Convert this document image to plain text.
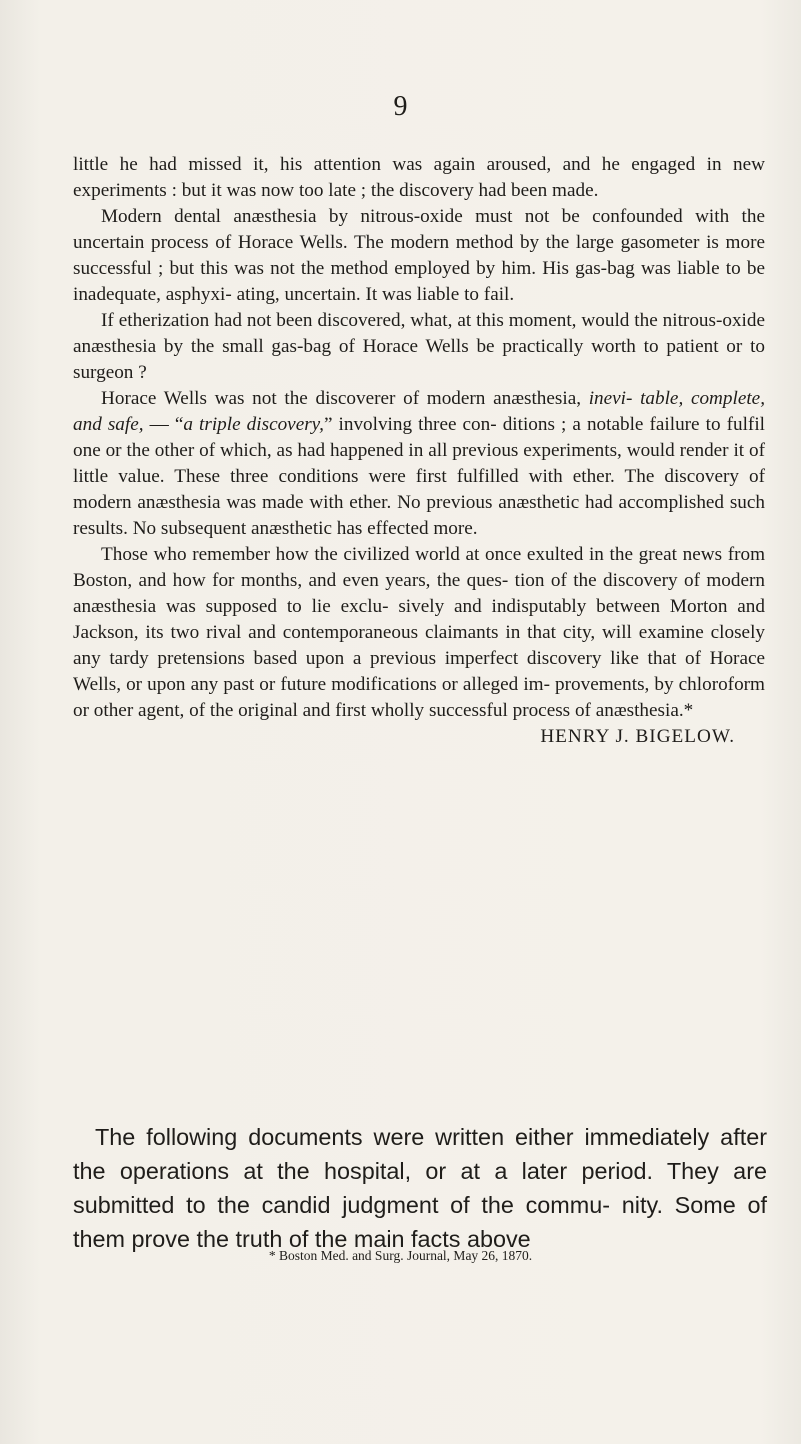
9

little he had missed it, his attention was again aroused, and he engaged in new experiments : but it was now too late ; the discovery had been made.

Modern dental anæsthesia by nitrous-oxide must not be confounded with the uncertain process of Horace Wells. The modern method by the large gasometer is more successful ; but this was not the method employed by him. His gas-bag was liable to be inadequate, asphyxi- ating, uncertain. It was liable to fail.

If etherization had not been discovered, what, at this moment, would the nitrous-oxide anæsthesia by the small gas-bag of Horace Wells be practically worth to patient or to surgeon ?

Horace Wells was not the discoverer of modern anæsthesia, inevi- table, complete, and safe, — “a triple discovery,” involving three con- ditions ; a notable failure to fulfil one or the other of which, as had happened in all previous experiments, would render it of little value. These three conditions were first fulfilled with ether. The discovery of modern anæsthesia was made with ether. No previous anæsthetic had accomplished such results. No subsequent anæsthetic has effected more.

Those who remember how the civilized world at once exulted in the great news from Boston, and how for months, and even years, the ques- tion of the discovery of modern anæsthesia was supposed to lie exclu- sively and indisputably between Morton and Jackson, its two rival and contemporaneous claimants in that city, will examine closely any tardy pretensions based upon a previous imperfect discovery like that of Horace Wells, or upon any past or future modifications or alleged im- provements, by chloroform or other agent, of the original and first wholly successful process of anæsthesia.*

HENRY J. BIGELOW.

The following documents were written either immediately after the operations at the hospital, or at a later period. They are submitted to the candid judgment of the commu- nity. Some of them prove the truth of the main facts above

* Boston Med. and Surg. Journal, May 26, 1870.
